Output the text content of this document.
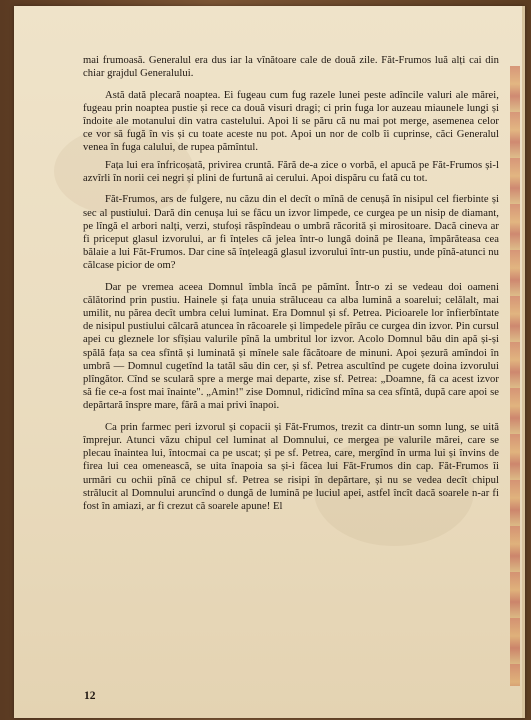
mai frumoasă. Generalul era dus iar la vînătoare cale de două zile. Făt-Frumos luă alți cai din chiar grajdul Generalului.

Astă dată plecară noaptea. Ei fugeau cum fug razele lunei peste adîncile valuri ale mărei, fugeau prin noaptea pustie și rece ca două visuri dragi; ci prin fuga lor auzeau miaunele lungi și îndoite ale motanului din vatra castelului. Apoi li se păru că nu mai pot merge, asemenea celor ce vor să fugă în vis și cu toate aceste nu pot. Apoi un nor de colb îi cuprinse, căci Generalul venea în fuga calului, de rupea pămîntul.

Fața lui era înfricoșată, privirea cruntă. Fără de-a zice o vorbă, el apucă pe Făt-Frumos și-l azvîrli în norii cei negri și plini de furtună ai cerului. Apoi dispăru cu fată cu tot.

Făt-Frumos, ars de fulgere, nu căzu din el decît o mînă de cenușă în nisipul cel fierbinte și sec al pustiului. Dară din cenușa lui se făcu un izvor limpede, ce curgea pe un nisip de diamant, pe lîngă el arbori nalți, verzi, stufoși răspîndeau o umbră răcoritǎ și mirositoare. Dacă cineva ar fi priceput glasul izvorului, ar fi înțeles că jelea într-o lungă doină pe Ileana, împărăteasa cea bălaie a lui Făt-Frumos. Dar cine să înțeleagă glasul izvorului într-un pustiu, unde pînă-atunci nu călcase picior de om?

Dar pe vremea aceea Domnul îmbla încă pe pămînt. Într-o zi se vedeau doi oameni călătorind prin pustiu. Hainele și fața unuia străluceau ca alba lumină a soarelui; celălalt, mai umilit, nu părea decît umbra celui luminat. Era Domnul și sf. Petrea. Picioarele lor înfierbîntate de nisipul pustiului călcară atuncea în răcoarele și limpedele pîrău ce curgea din izvor. Pin cursul apei cu gleznele lor sfîșiau valurile pînă la umbritul lor izvor. Acolo Domnul bău din apă și-și spălă fața sa cea sfîntă și luminată și mînele sale făcătoare de minuni. Apoi șezură amîndoi în umbră — Domnul cugetînd la tatăl său din cer, și sf. Petrea ascultînd pe cugete doina izvorului plîngător. Cînd se sculară spre a merge mai departe, zise sf. Petrea: „Doamne, fă ca acest izvor să fie ce-a fost mai înainte". „Amin!" zise Domnul, ridicînd mîna sa cea sfîntă, după care apoi se depărtară înspre mare, fără a mai privi înapoi.

Ca prin farmec peri izvorul și copacii și Făt-Frumos, trezit ca dintr-un somn lung, se uită împrejur. Atunci văzu chipul cel luminat al Domnului, ce mergea pe valurile mărei, care se plecau înaintea lui, întocmai ca pe uscat; și pe sf. Petrea, care, mergînd în urma lui și învins de firea lui cea omenească, se uita înapoia sa și-i făcea lui Făt-Frumos din cap. Făt-Frumos îi urmări cu ochii pînă ce chipul sf. Petrea se risipi în depărtare, și nu se vedea decît chipul strălucit al Domnului aruncînd o dungă de lumină pe luciul apei, astfel încît dacă soarele n-ar fi fost în amiazi, ar fi crezut că soarele apune! El

12
